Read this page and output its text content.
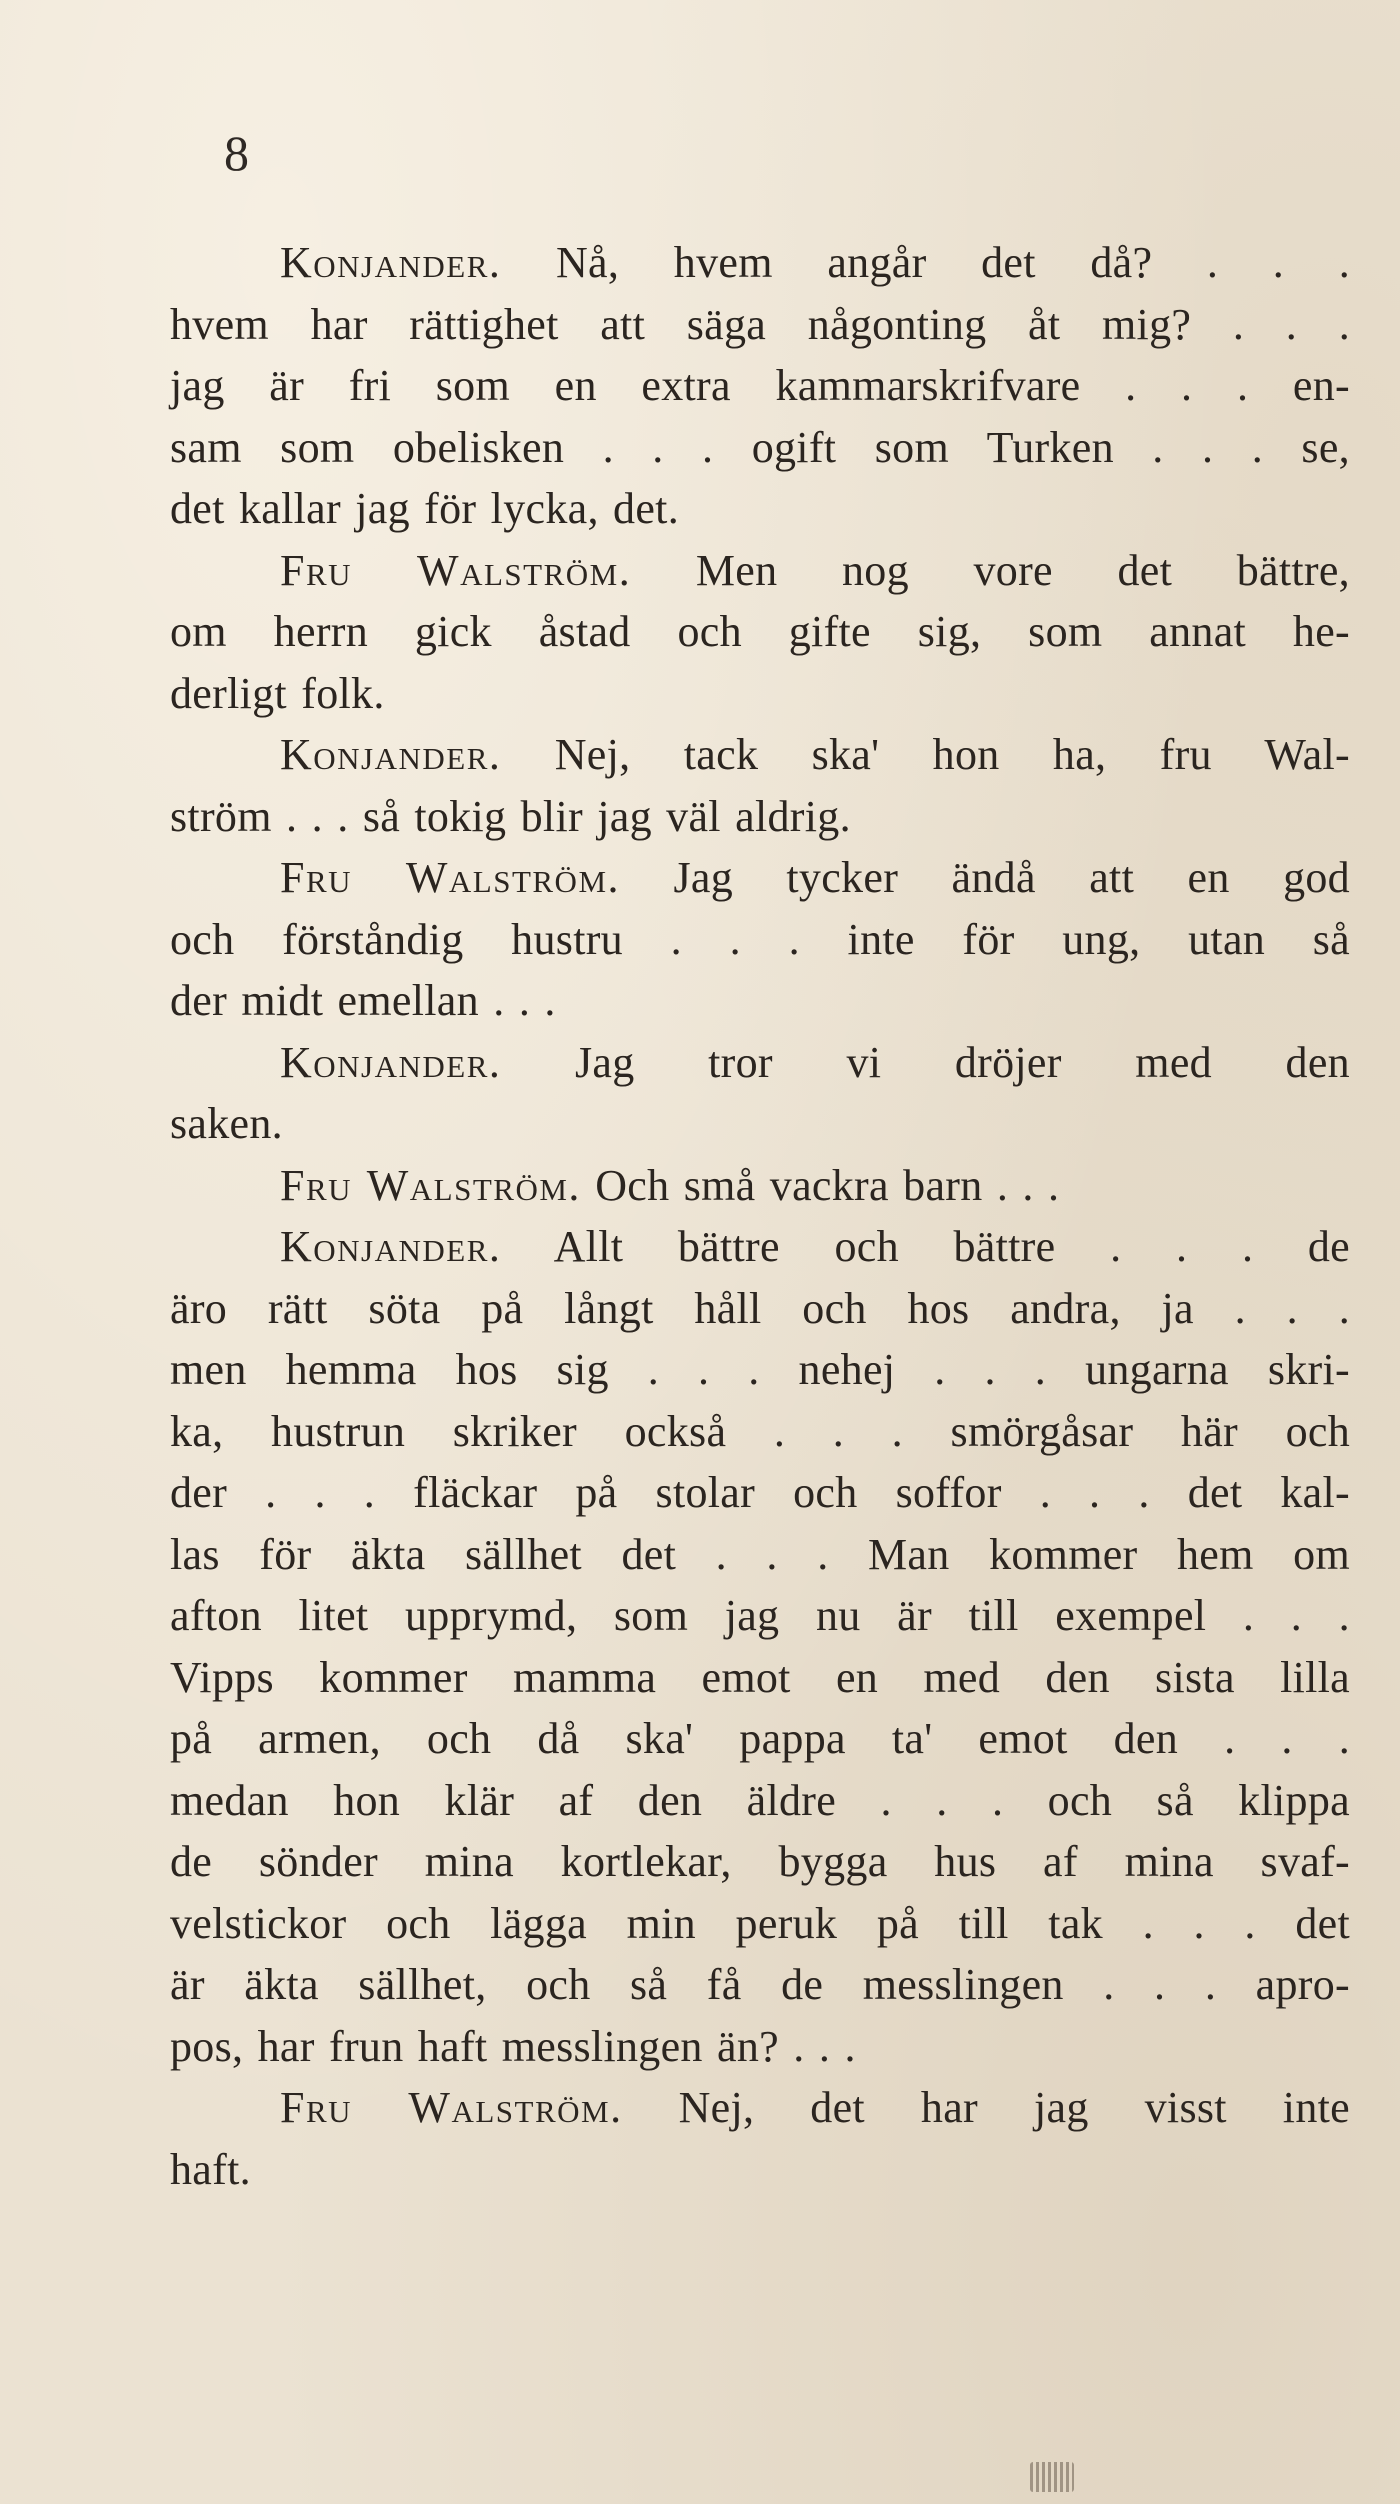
8
Konjander. Nå, hvem angår det då? . . .
hvem har rättighet att säga någonting åt mig? . . .
jag är fri som en extra kammarskrifvare . . . en-
sam som obelisken . . . ogift som Turken . . . se,
det kallar jag för lycka, det.
Fru Walström. Men nog vore det bättre,
om herrn gick åstad och gifte sig, som annat he-
derligt folk.
Konjander. Nej, tack ska' hon ha, fru Wal-
ström . . . så tokig blir jag väl aldrig.
Fru Walström. Jag tycker ändå att en god
och förståndig hustru . . . inte för ung, utan så
der midt emellan . . .
Konjander. Jag tror vi dröjer med den
saken.
Fru Walström. Och små vackra barn . . .
Konjander. Allt bättre och bättre . . . de
äro rätt söta på långt håll och hos andra, ja . . .
men hemma hos sig . . . nehej . . . ungarna skri-
ka, hustrun skriker också . . . smörgåsar här och
der . . . fläckar på stolar och soffor . . . det kal-
las för äkta sällhet det . . . Man kommer hem om
afton litet upprymd, som jag nu är till exempel . . .
Vipps kommer mamma emot en med den sista lilla
på armen, och då ska' pappa ta' emot den . . .
medan hon klär af den äldre . . . och så klippa
de sönder mina kortlekar, bygga hus af mina svaf-
velstickor och lägga min peruk på till tak . . . det
är äkta sällhet, och så få de messlingen . . . apro-
pos, har frun haft messlingen än? . . .
Fru Walström. Nej, det har jag visst inte
haft.
